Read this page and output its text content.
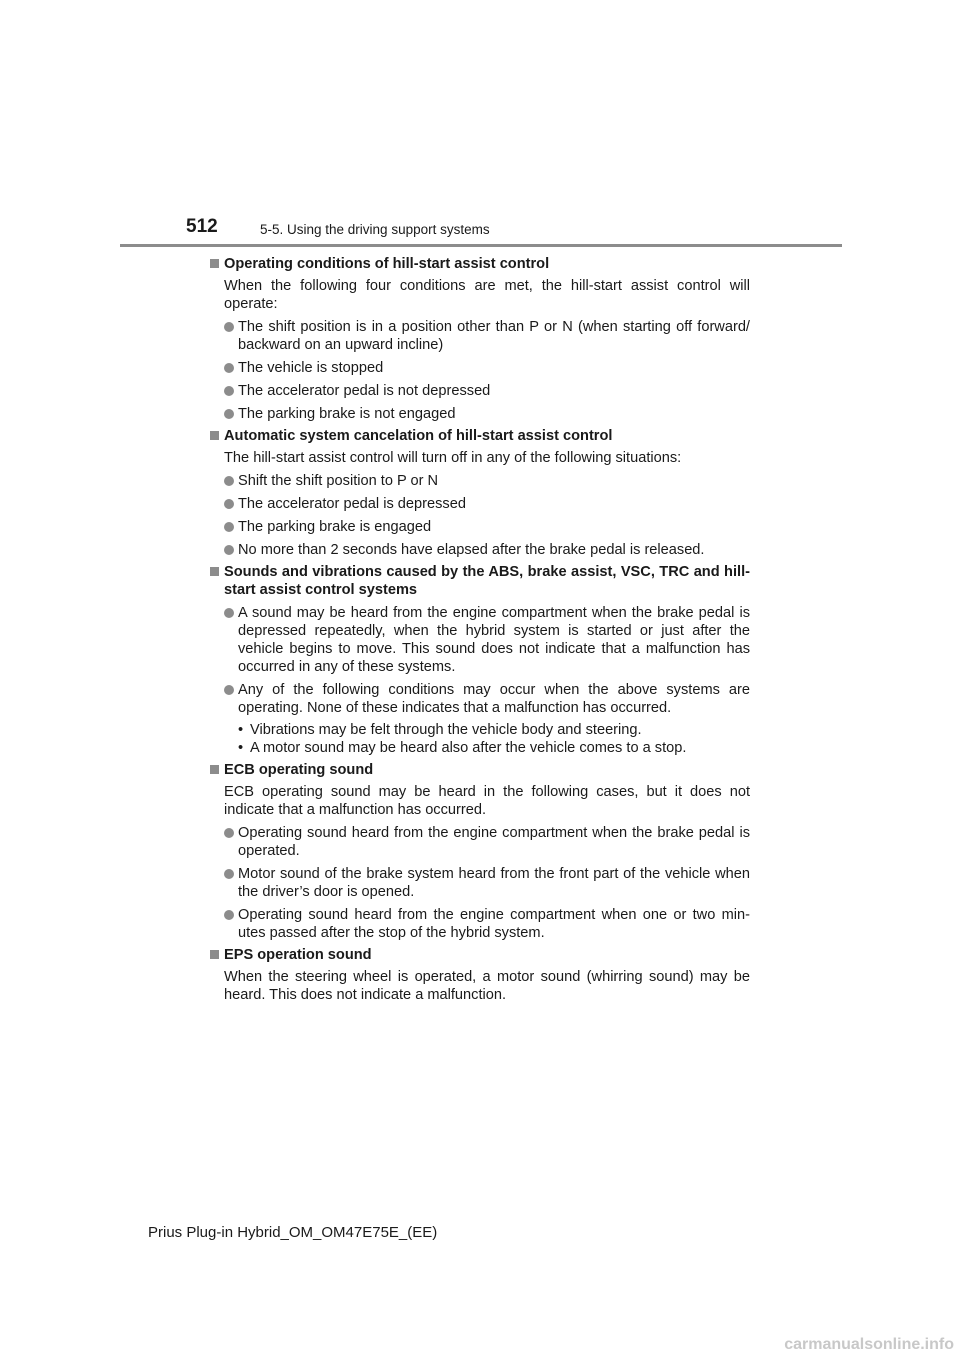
512	5-5. Using the driving support systems
Operating conditions of hill-start assist control
When the following four conditions are met, the hill-start assist control will operate:
The shift position is in a position other than P or N (when starting off forward/ backward on an upward incline)
The vehicle is stopped
The accelerator pedal is not depressed
The parking brake is not engaged
Automatic system cancelation of hill-start assist control
The hill-start assist control will turn off in any of the following situations:
Shift the shift position to P or N
The accelerator pedal is depressed
The parking brake is engaged
No more than 2 seconds have elapsed after the brake pedal is released.
Sounds and vibrations caused by the ABS, brake assist, VSC, TRC and hill-start assist control systems
A sound may be heard from the engine compartment when the brake pedal is depressed repeatedly, when the hybrid system is started or just after the vehicle begins to move. This sound does not indicate that a malfunction has occurred in any of these systems.
Any of the following conditions may occur when the above systems are operating. None of these indicates that a malfunction has occurred.
• Vibrations may be felt through the vehicle body and steering.
• A motor sound may be heard also after the vehicle comes to a stop.
ECB operating sound
ECB operating sound may be heard in the following cases, but it does not indicate that a malfunction has occurred.
Operating sound heard from the engine compartment when the brake pedal is operated.
Motor sound of the brake system heard from the front part of the vehicle when the driver’s door is opened.
Operating sound heard from the engine compartment when one or two min- utes passed after the stop of the hybrid system.
EPS operation sound
When the steering wheel is operated, a motor sound (whirring sound) may be heard. This does not indicate a malfunction.
Prius Plug-in Hybrid_OM_OM47E75E_(EE)
carmanualsonline.info
